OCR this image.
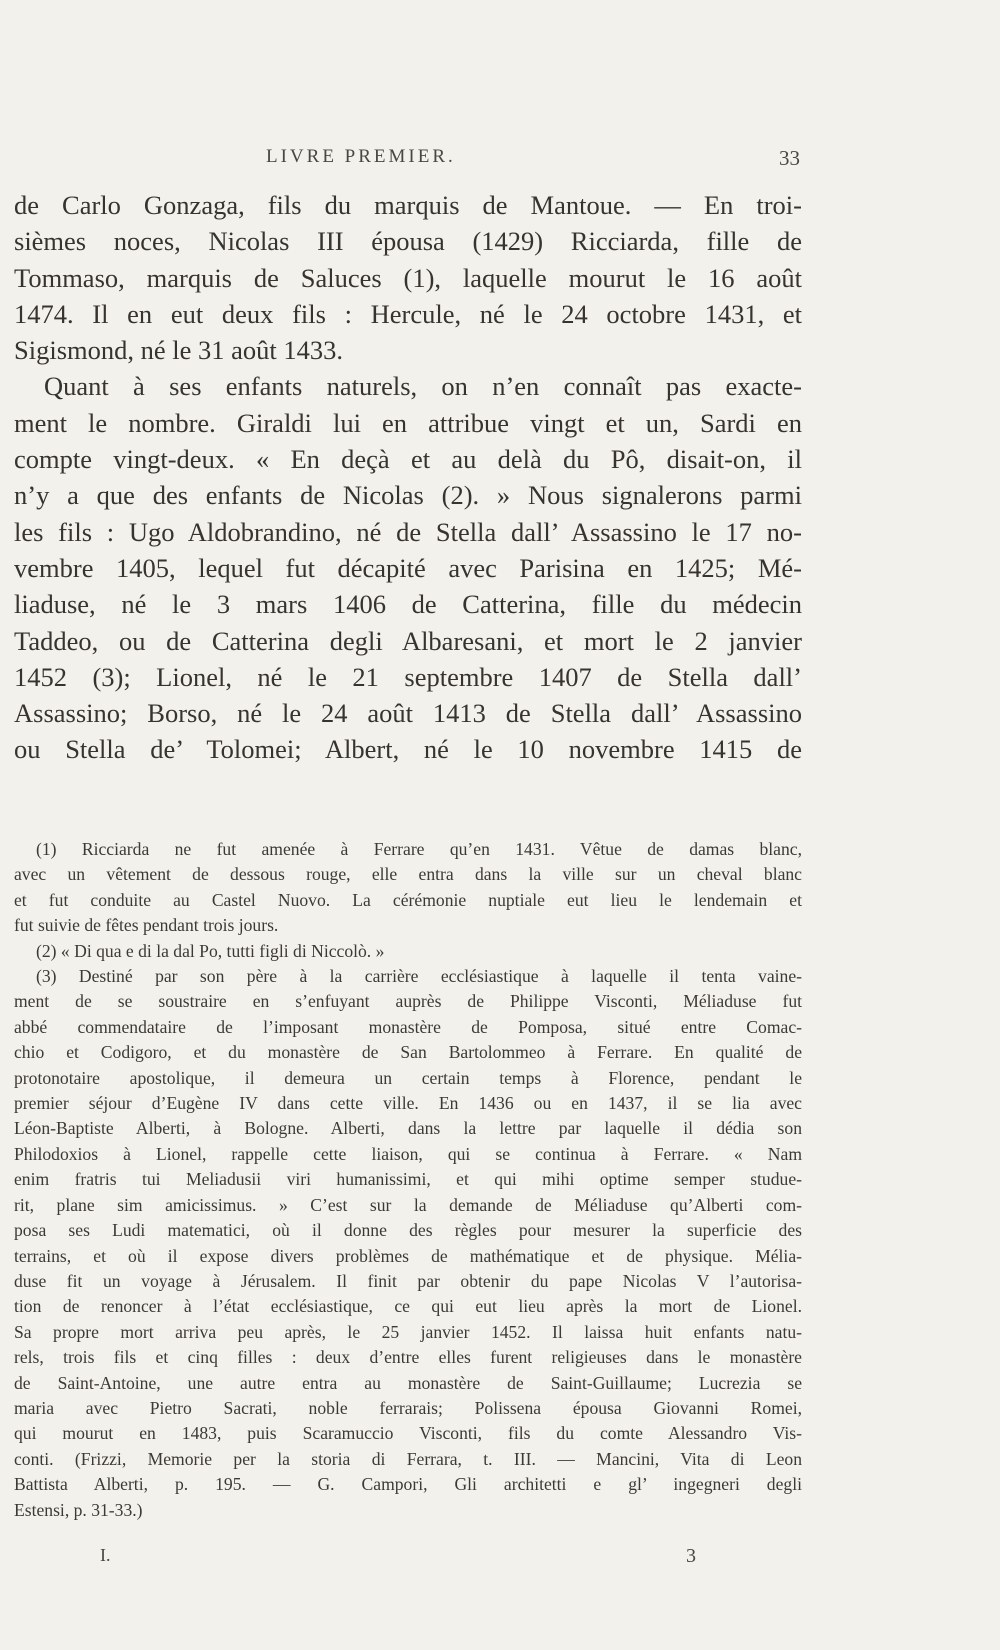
LIVRE PREMIER.	33
de Carlo Gonzaga, fils du marquis de Mantoue. — En troi-
sièmes noces, Nicolas III épousa (1429) Ricciarda, fille de
Tommaso, marquis de Saluces (1), laquelle mourut le 16 août
1474. Il en eut deux fils : Hercule, né le 24 octobre 1431, et
Sigismond, né le 31 août 1433.
Quant à ses enfants naturels, on n’en connaît pas exacte-
ment le nombre. Giraldi lui en attribue vingt et un, Sardi en
compte vingt-deux. « En deçà et au delà du Pô, disait-on, il
n’y a que des enfants de Nicolas (2). » Nous signalerons parmi
les fils : Ugo Aldobrandino, né de Stella dall’ Assassino le 17 no-
vembre 1405, lequel fut décapité avec Parisina en 1425; Mé-
liaduse, né le 3 mars 1406 de Catterina, fille du médecin
Taddeo, ou de Catterina degli Albaresani, et mort le 2 janvier
1452 (3); Lionel, né le 21 septembre 1407 de Stella dall’
Assassino; Borso, né le 24 août 1413 de Stella dall’ Assassino
ou Stella de’ Tolomei; Albert, né le 10 novembre 1415 de
(1) Ricciarda ne fut amenée à Ferrare qu’en 1431. Vêtue de damas blanc,
avec un vêtement de dessous rouge, elle entra dans la ville sur un cheval blanc
et fut conduite au Castel Nuovo. La cérémonie nuptiale eut lieu le lendemain et
fut suivie de fêtes pendant trois jours.
(2) « Di qua e di la dal Po, tutti figli di Niccolò. »
(3) Destiné par son père à la carrière ecclésiastique à laquelle il tenta vaine-
ment de se soustraire en s’enfuyant auprès de Philippe Visconti, Méliaduse fut
abbé commendataire de l’imposant monastère de Pomposa, situé entre Comac-
chio et Codigoro, et du monastère de San Bartolommeo à Ferrare. En qualité de
protonotaire apostolique, il demeura un certain temps à Florence, pendant le
premier séjour d’Eugène IV dans cette ville. En 1436 ou en 1437, il se lia avec
Léon-Baptiste Alberti, à Bologne. Alberti, dans la lettre par laquelle il dédia son
Philodoxios à Lionel, rappelle cette liaison, qui se continua à Ferrare. « Nam
enim fratris tui Meliadusii viri humanissimi, et qui mihi optime semper studue-
rit, plane sim amicissimus. » C’est sur la demande de Méliaduse qu’Alberti com-
posa ses Ludi matematici, où il donne des règles pour mesurer la superficie des
terrains, et où il expose divers problèmes de mathématique et de physique. Mélia-
duse fit un voyage à Jérusalem. Il finit par obtenir du pape Nicolas V l’autorisa-
tion de renoncer à l’état ecclésiastique, ce qui eut lieu après la mort de Lionel.
Sa propre mort arriva peu après, le 25 janvier 1452. Il laissa huit enfants natu-
rels, trois fils et cinq filles : deux d’entre elles furent religieuses dans le monastère
de Saint-Antoine, une autre entra au monastère de Saint-Guillaume; Lucrezia se
maria avec Pietro Sacrati, noble ferrarais; Polissena épousa Giovanni Romei,
qui mourut en 1483, puis Scaramuccio Visconti, fils du comte Alessandro Vis-
conti. (Frizzi, Memorie per la storia di Ferrara, t. III. — Mancini, Vita di Leon
Battista Alberti, p. 195. — G. Campori, Gli architetti e gl’ ingegneri degli
Estensi, p. 31-33.)
I.	3
